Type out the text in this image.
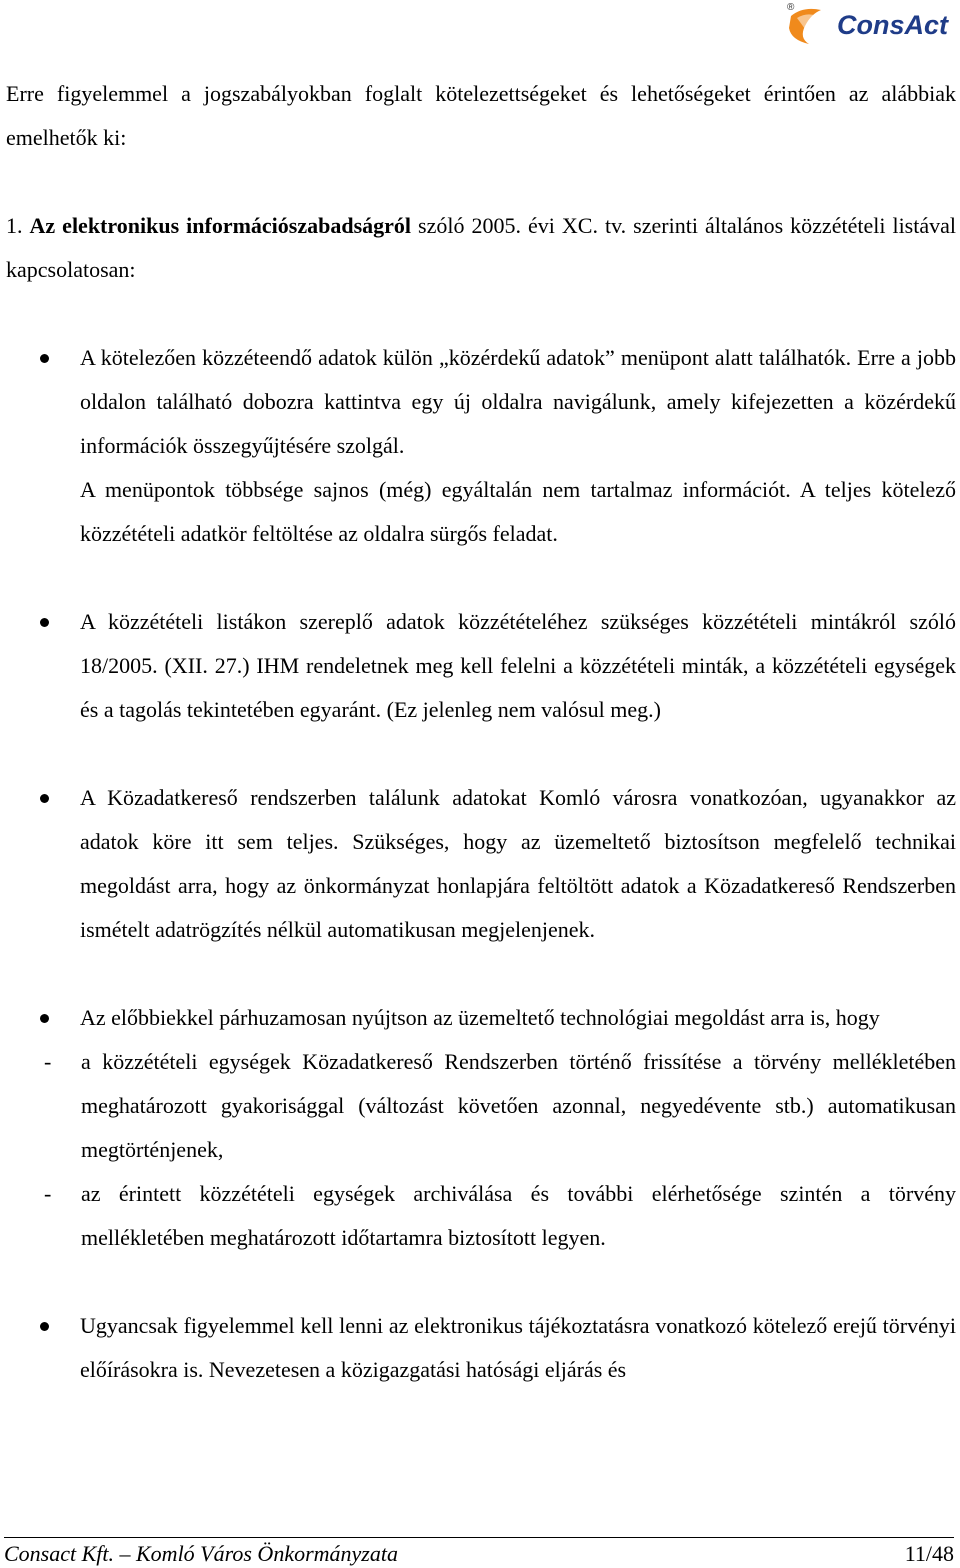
®
ConsAct

Erre figyelemmel a jogszabályokban foglalt kötelezettségeket és lehetőségeket érintően az alábbiak emelhetők ki:

1. Az elektronikus információszabadságról szóló 2005. évi XC. tv. szerinti általános közzétételi listával kapcsolatosan:

A kötelezően közzéteendő adatok külön „közérdekű adatok” menüpont alatt találhatók. Erre a jobb oldalon található dobozra kattintva egy új oldalra navigálunk, amely kifejezetten a közérdekű információk összegyűjtésére szolgál.

A menüpontok többsége sajnos (még) egyáltalán nem tartalmaz információt. A teljes kötelező közzétételi adatkör feltöltése az oldalra sürgős feladat.

A közzétételi listákon szereplő adatok közzétételéhez szükséges közzétételi mintákról szóló 18/2005. (XII. 27.) IHM rendeletnek meg kell felelni a közzétételi minták, a közzétételi egységek és a tagolás tekintetében egyaránt. (Ez jelenleg nem valósul meg.)

A Közadatkereső rendszerben találunk adatokat Komló városra vonatkozóan, ugyanakkor az adatok köre itt sem teljes. Szükséges, hogy az üzemeltető biztosítson megfelelő technikai megoldást arra, hogy az önkormányzat honlapjára feltöltött adatok a Közadatkereső Rendszerben ismételt adatrögzítés nélkül automatikusan megjelenjenek.

Az előbbiekkel párhuzamosan nyújtson az üzemeltető technológiai megoldást arra is, hogy

- a közzétételi egységek Közadatkereső Rendszerben történő frissítése a törvény mellékletében meghatározott gyakorisággal (változást követően azonnal, negyedévente stb.) automatikusan megtörténjenek,

- az érintett közzétételi egységek archiválása és további elérhetősége szintén a törvény mellékletében meghatározott időtartamra biztosított legyen.

Ugyancsak figyelemmel kell lenni az elektronikus tájékoztatásra vonatkozó kötelező erejű törvényi előírásokra is. Nevezetesen a közigazgatási hatósági eljárás és

Consact Kft. – Komló Város Önkormányzata	11/48
